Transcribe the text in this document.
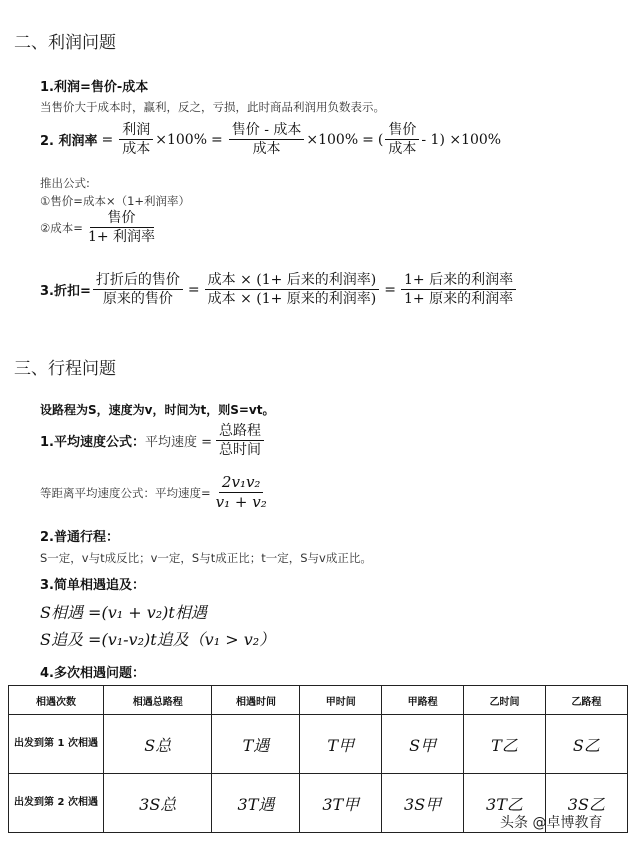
二、利润问题
1.利润=售价-成本
当售价大于成本时，赢利，反之，亏损，此时商品利润用负数表示。
2. 利润率 = $\frac{\text{利润}}{\text{成本}} \times 100\% = \frac{\text{售价 - 成本}}{\text{成本}} \times 100\%$ = ( $\frac{\text{售价}}{\text{成本}} - 1) \times 100\%$
推出公式:
①售价=成本×（1+利润率）
②成本= $\frac{\text{售价}}{\text{1+ 利润率}}$
3.折扣= $\frac{\text{打折后的售价}}{\text{原来的售价}} = \frac{\text{成本 × (1+ 后来的利润率)}}{\text{成本 × (1+ 原来的利润率)}} = \frac{\text{1+ 后来的利润率}}{\text{1+ 原来的利润率}}$
三、行程问题
设路程为S，速度为v，时间为t，则S=vt。
1.平均速度公式： 平均速度 = $\frac{\text{总路程}}{\text{总时间}}$
等距离平均速度公式：平均速度= $\frac{\text{2v₁v₂}}{\text{v₁ + v₂}}$
2.普通行程：
S一定，v与t成反比；v一定，S与t成正比；t一定，S与v成正比。
3.简单相遇追及：
S相遇 =(v₁ + v₂)t相遇
S追及 =(v₁-v₂)t追及（v₁ > v₂）
4.多次相遇问题：
相遇次数	相遇总路程	相遇时间	甲时间	甲路程	乙时间	乙路程
出发到第 1 次相遇	S总	T遇	T甲	S甲	T乙	S乙
出发到第 2 次相遇	3S总	3T遇	3T甲	3S甲	3T乙	3S乙
头条 @卓博教育
